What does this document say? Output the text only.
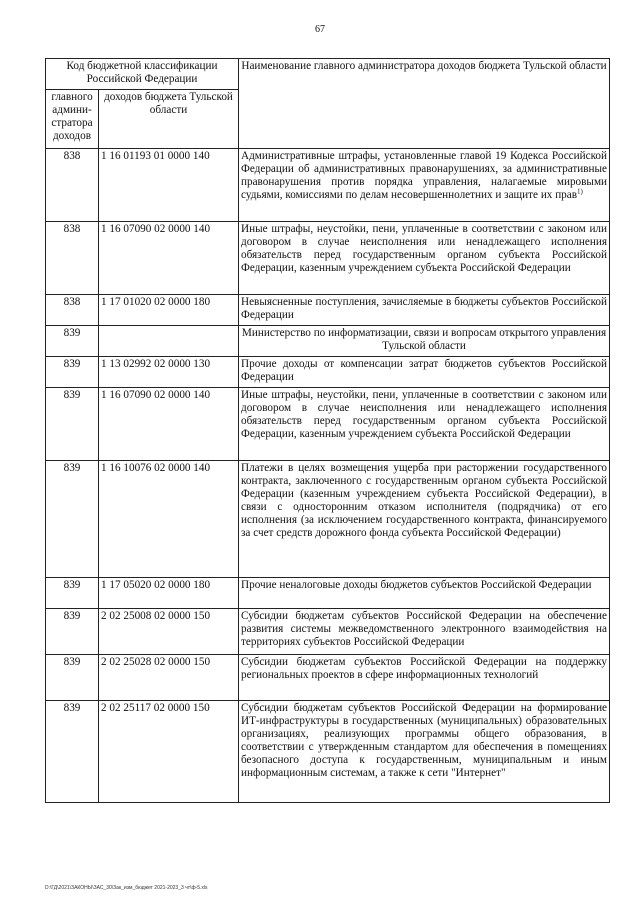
67
Код бюджетной классификации Российской Федерации		Наименование главного администратора доходов бюджета Тульской области
главного админи-стратора доходов	доходов бюджета Тульской области	
838	1 16 01193 01 0000 140	Административные штрафы, установленные главой 19 Кодекса Российской Федерации об административных правонарушениях, за административные правонарушения против порядка управления, налагаемые мировыми судьями, комиссиями по делам несовершеннолетних и защите их прав$^{1)}$
838	1 16 07090 02 0000 140	Иные штрафы, неустойки, пени, уплаченные в соответствии с законом или договором в случае неисполнения или ненадлежащего исполнения обязательств перед государственным органом субъекта Российской Федерации, казенным учреждением субъекта Российской Федерации
838	1 17 01020 02 0000 180	Невыясненные поступления, зачисляемые в бюджеты субъектов Российской Федерации
839		Министерство по информатизации, связи и вопросам открытого управления Тульской области
839	1 13 02992 02 0000 130	Прочие доходы от компенсации затрат бюджетов субъектов Российской Федерации
839	1 16 07090 02 0000 140	Иные штрафы, неустойки, пени, уплаченные в соответствии с законом или договором в случае неисполнения или ненадлежащего исполнения обязательств перед государственным органом субъекта Российской Федерации, казенным учреждением субъекта Российской Федерации
839	1 16 10076 02 0000 140	Платежи в целях возмещения ущерба при расторжении государственного контракта, заключенного с государственным органом субъекта Российской Федерации (казенным учреждением субъекта Российской Федерации), в связи с односторонним отказом исполнителя (подрядчика) от его исполнения (за исключением государственного контракта, финансируемого за счет средств дорожного фонда субъекта Российской Федерации)
839	1 17 05020 02 0000 180	Прочие неналоговые доходы бюджетов субъектов Российской Федерации
839	2 02 25008 02 0000 150	Субсидии бюджетам субъектов Российской Федерации на обеспечение развития системы межведомственного электронного взаимодействия на территориях субъектов Российской Федерации
839	2 02 25028 02 0000 150	Субсидии бюджетам субъектов Российской Федерации на поддержку региональных проектов в сфере информационных технологий
839	2 02 25117 02 0000 150	Субсидии бюджетам субъектов Российской Федерации на формирование ИТ-инфраструктуры в государственных (муниципальных) образовательных организациях, реализующих программы общего образования, в соответствии с утвержденным стандартом для обеспечения в помещениях безопасного доступа к государственным, муниципальным и иным информационным системам, а также к сети "Интернет"
D:\ГД\2021\ЗАКОНЫ\ЗАС_30\Зак_изм_бюджет 2021-2023_3 чт\ф-5.xls
